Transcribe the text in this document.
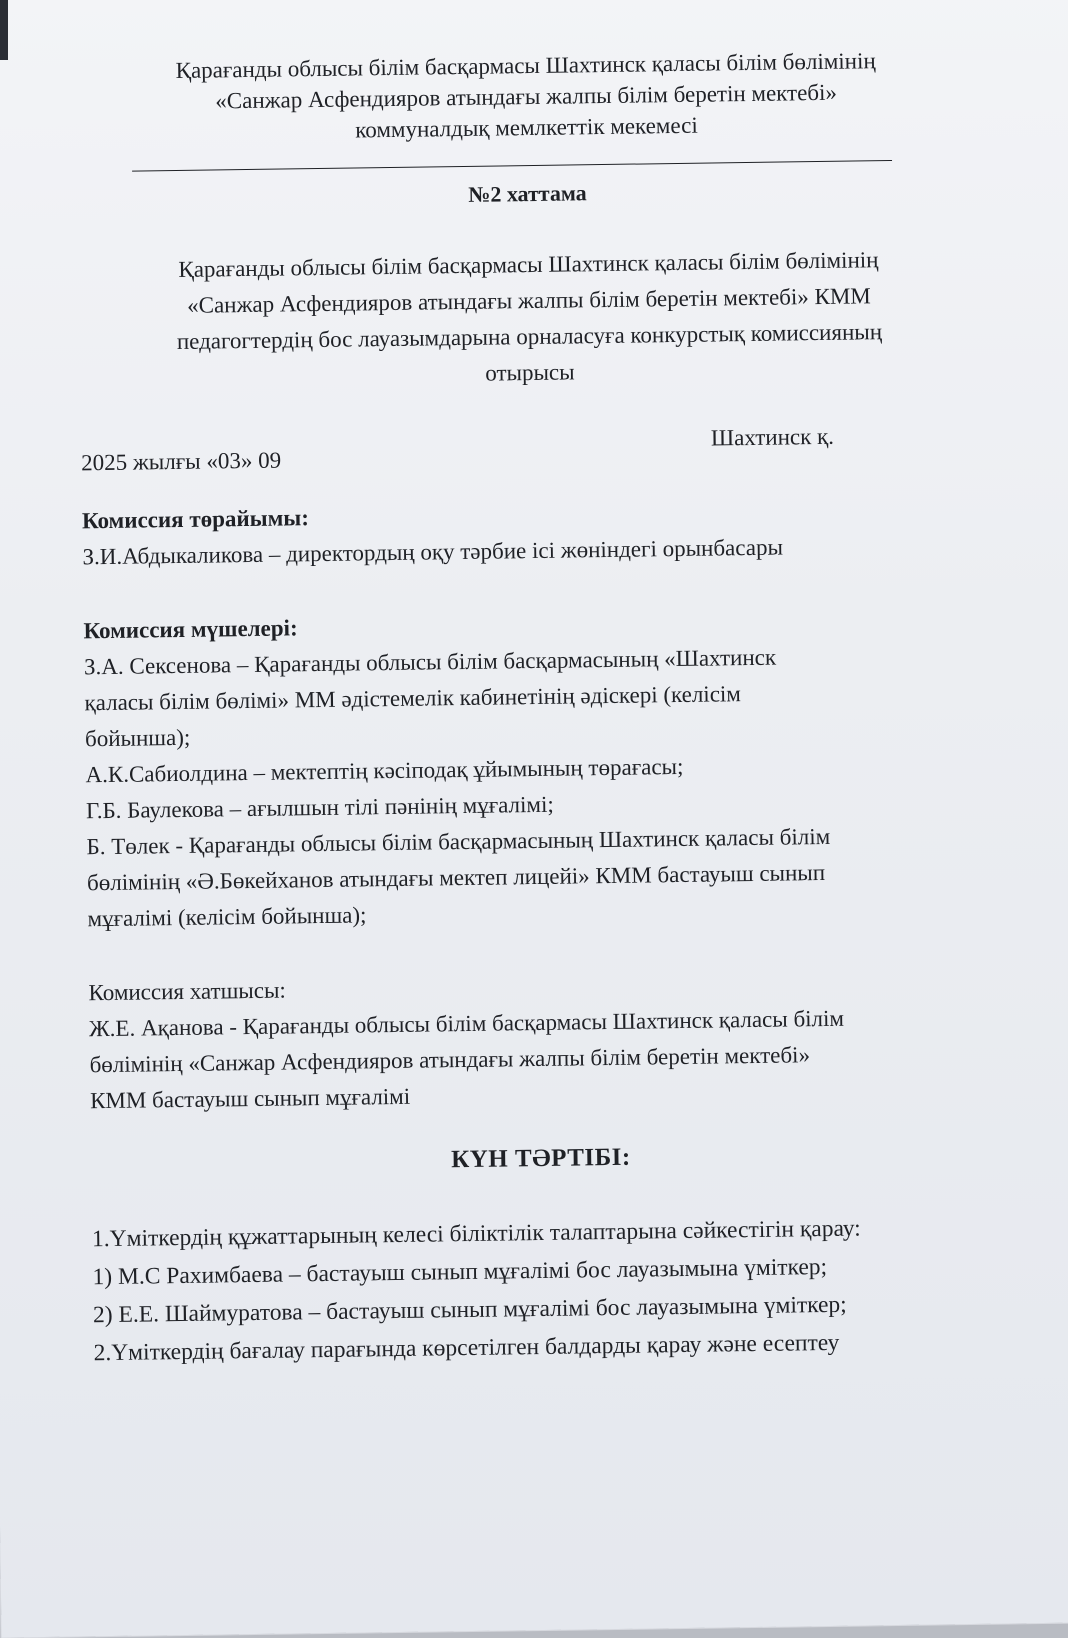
Қарағанды облысы білім басқармасы Шахтинск қаласы білім бөлімінің

«Санжар Асфендияров атындағы жалпы білім беретін мектебі»

коммуналдық мемлкеттік мекемесі

№2 хаттама

Қарағанды облысы білім басқармасы Шахтинск қаласы білім бөлімінің

«Санжар Асфендияров атындағы жалпы білім беретін мектебі» КММ

педагогтердің бос лауазымдарына орналасуға конкурстық комиссияның

отырысы

2025 жылғы «03» 09
Шахтинск қ.

Комиссия төрайымы:

З.И.Абдыкаликова – директордың оқу тәрбие ісі жөніндегі орынбасары

Комиссия мүшелері:

З.А. Сексенова – Қарағанды облысы білім басқармасының «Шахтинск

қаласы білім бөлімі» ММ әдістемелік кабинетінің әдіскері (келісім

бойынша);

А.К.Сабиолдина – мектептің кәсіподақ ұйымының төрағасы;

Г.Б. Баулекова – ағылшын тілі пәнінің мұғалімі;

Б. Төлек - Қарағанды облысы білім басқармасының Шахтинск қаласы білім

бөлімінің «Ә.Бөкейханов атындағы мектеп лицейі» КММ бастауыш сынып

мұғалімі (келісім бойынша);

Комиссия хатшысы:

Ж.Е. Ақанова - Қарағанды облысы білім басқармасы Шахтинск қаласы білім

бөлімінің «Санжар Асфендияров атындағы жалпы білім беретін мектебі»

КММ бастауыш сынып мұғалімі

КҮН ТӘРТІБІ:

1.Үміткердің құжаттарының келесі біліктілік талаптарына сәйкестігін қарау:

1) М.С Рахимбаева – бастауыш сынып мұғалімі бос лауазымына үміткер;

2) Е.Е. Шаймуратова – бастауыш сынып мұғалімі бос лауазымына үміткер;

2.Үміткердің бағалау парағында көрсетілген балдарды қарау және есептеу
